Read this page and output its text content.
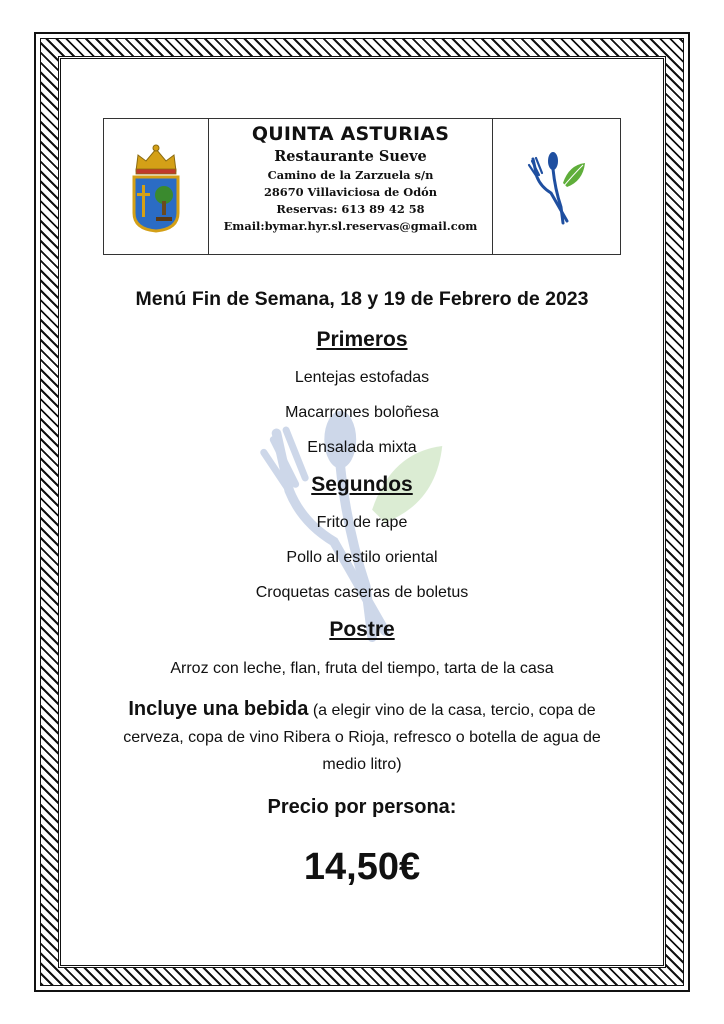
QUINTA ASTURIAS

Restaurante Sueve

Camino de la Zarzuela s/n

28670 Villaviciosa de Odón

Reservas: 613 89 42 58

Email:bymar.hyr.sl.reservas@gmail.com

Menú Fin de Semana, 18 y 19 de Febrero de 2023

Primeros

Lentejas estofadas

Macarrones boloñesa

Ensalada mixta

Segundos

Frito de rape

Pollo al estilo oriental

Croquetas caseras de boletus

Postre

Arroz con leche, flan, fruta del tiempo, tarta de la casa

Incluye una bebida (a elegir vino de la casa, tercio, copa de cerveza, copa de vino Ribera o Rioja, refresco o botella de agua de medio litro)

Precio por persona:

14,50€
